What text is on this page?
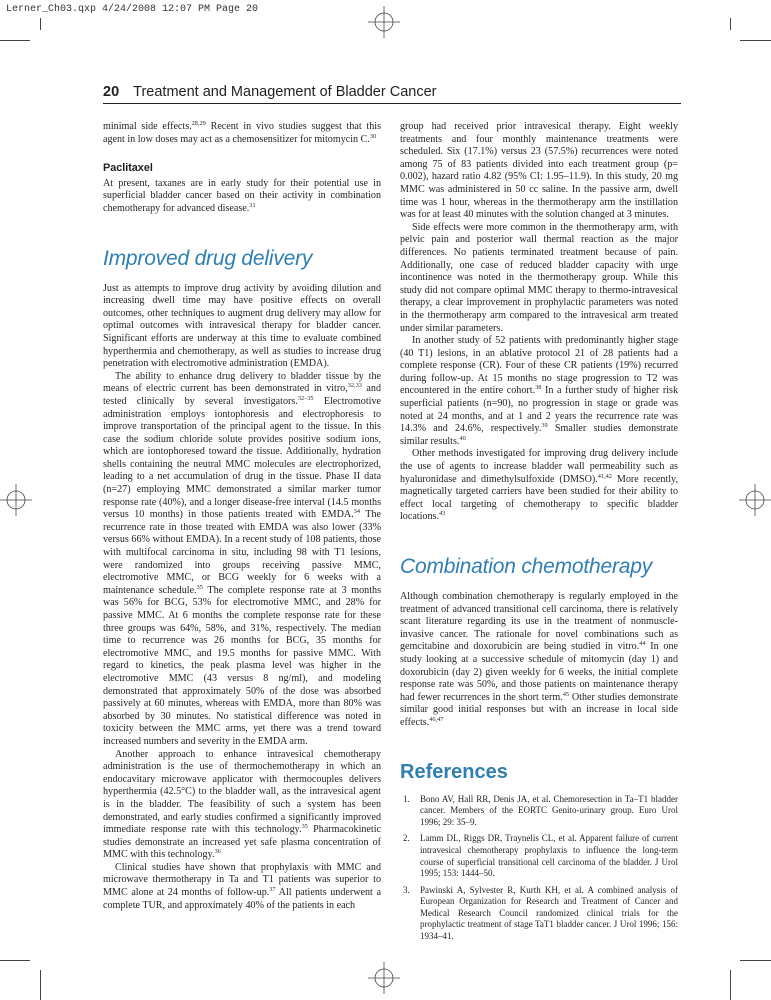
Lerner_Ch03.qxp 4/24/2008 12:07 PM Page 20
20 Treatment and Management of Bladder Cancer

minimal side effects.$^{28,29}$ Recent in vivo studies suggest that this agent in low doses may act as a chemosensitizer for mitomycin C.$^{30}$

Paclitaxel

At present, taxanes are in early study for their potential use in superficial bladder cancer based on their activity in combination chemotherapy for advanced disease.$^{31}$

Improved drug delivery

Just as attempts to improve drug activity by avoiding dilution and increasing dwell time may have positive effects on overall outcomes, other techniques to augment drug delivery may allow for optimal outcomes with intravesical therapy for bladder cancer. Significant efforts are underway at this time to evaluate combined hyperthermia and chemotherapy, as well as studies to increase drug penetration with electromotive administration (EMDA).

The ability to enhance drug delivery to bladder tissue by the means of electric current has been demonstrated in vitro,$^{32,33}$ and tested clinically by several investigators.$^{32-35}$ Electromotive administration employs iontophoresis and electrophoresis to improve transportation of the principal agent to the tissue. In this case the sodium chloride solute provides positive sodium ions, which are iontophoresed toward the tissue. Additionally, hydration shells containing the neutral MMC molecules are electrophorized, leading to a net accumulation of drug in the tissue. Phase II data (n=27) employing MMC demonstrated a similar marker tumor response rate (40%), and a longer disease-free interval (14.5 months versus 10 months) in those patients treated with EMDA.$^{34}$ The recurrence rate in those treated with EMDA was also lower (33% versus 66% without EMDA). In a recent study of 108 patients, those with multifocal carcinoma in situ, including 98 with T1 lesions, were randomized into groups receiving passive MMC, electromotive MMC, or BCG weekly for 6 weeks with a maintenance schedule.$^{35}$ The complete response rate at 3 months was 56% for BCG, 53% for electromotive MMC, and 28% for passive MMC. At 6 months the complete response rate for these three groups was 64%, 58%, and 31%, respectively. The median time to recurrence was 26 months for BCG, 35 months for electromotive MMC, and 19.5 months for passive MMC. With regard to kinetics, the peak plasma level was higher in the electromotive MMC (43 versus 8 ng/ml), and modeling demonstrated that approximately 50% of the dose was absorbed passively at 60 minutes, whereas with EMDA, more than 80% was absorbed by 30 minutes. No statistical difference was noted in toxicity between the MMC arms, yet there was a trend toward increased numbers and severity in the EMDA arm.

Another approach to enhance intravesical chemotherapy administration is the use of thermochemotherapy in which an endocavitary microwave applicator with thermocouples delivers hyperthermia (42.5°C) to the bladder wall, as the intravesical agent is in the bladder. The feasibility of such a system has been demonstrated, and early studies confirmed a significantly improved immediate response rate with this technology.$^{35}$ Pharmacokinetic studies demonstrate an increased yet safe plasma concentration of MMC with this technology.$^{36}$

Clinical studies have shown that prophylaxis with MMC and microwave thermotherapy in Ta and T1 patients was superior to MMC alone at 24 months of follow-up.$^{37}$ All patients underwent a complete TUR, and approximately 40% of the patients in each

group had received prior intravesical therapy. Eight weekly treatments and four monthly maintenance treatments were scheduled. Six (17.1%) versus 23 (57.5%) recurrences were noted among 75 of 83 patients divided into each treatment group (p= 0.002), hazard ratio 4.82 (95% CI: 1.95–11.9). In this study, 20 mg MMC was administered in 50 cc saline. In the passive arm, dwell time was 1 hour, whereas in the thermotherapy arm the instillation was for at least 40 minutes with the solution changed at 3 minutes.

Side effects were more common in the thermotherapy arm, with pelvic pain and posterior wall thermal reaction as the major differences. No patients terminated treatment because of pain. Additionally, one case of reduced bladder capacity with urge incontinence was noted in the thermotherapy group. While this study did not compare optimal MMC therapy to thermo-intravesical therapy, a clear improvement in prophylactic parameters was noted in the thermotherapy arm compared to the intravesical arm treated under similar parameters.

In another study of 52 patients with predominantly higher stage (40 T1) lesions, in an ablative protocol 21 of 28 patients had a complete response (CR). Four of these CR patients (19%) recurred during follow-up. At 15 months no stage progression to T2 was encountered in the entire cohort.$^{38}$ In a further study of higher risk superficial patients (n=90), no progression in stage or grade was noted at 24 months, and at 1 and 2 years the recurrence rate was 14.3% and 24.6%, respectively.$^{39}$ Smaller studies demonstrate similar results.$^{40}$

Other methods investigated for improving drug delivery include the use of agents to increase bladder wall permeability such as hyaluronidase and dimethylsulfoxide (DMSO).$^{41,42}$ More recently, magnetically targeted carriers have been studied for their ability to effect local targeting of chemotherapy to specific bladder locations.$^{43}$

Combination chemotherapy

Although combination chemotherapy is regularly employed in the treatment of advanced transitional cell carcinoma, there is relatively scant literature regarding its use in the treatment of nonmuscle-invasive cancer. The rationale for novel combinations such as gemcitabine and doxorubicin are being studied in vitro.$^{44}$ In one study looking at a successive schedule of mitomycin (day 1) and doxorubicin (day 2) given weekly for 6 weeks, the initial complete response rate was 50%, and those patients on maintenance therapy had fewer recurrences in the short term.$^{45}$ Other studies demonstrate similar good initial responses but with an increase in local side effects.$^{46,47}$

References
1. Bono AV, Hall RR, Denis JA, et al. Chemoresection in Ta–T1 bladder cancer. Members of the EORTC Genito-urinary group. Euro Urol 1996; 29: 35–9.
2. Lamm DL, Riggs DR, Traynelis CL, et al. Apparent failure of current intravesical chemotherapy prophylaxis to influence the long-term course of superficial transitional cell carcinoma of the bladder. J Urol 1995; 153: 1444–50.
3. Pawinski A, Sylvester R, Kurth KH, et al. A combined analysis of European Organization for Research and Treatment of Cancer and Medical Research Council randomized clinical trials for the prophylactic treatment of stage TaT1 bladder cancer. J Urol 1996; 156: 1934–41.
